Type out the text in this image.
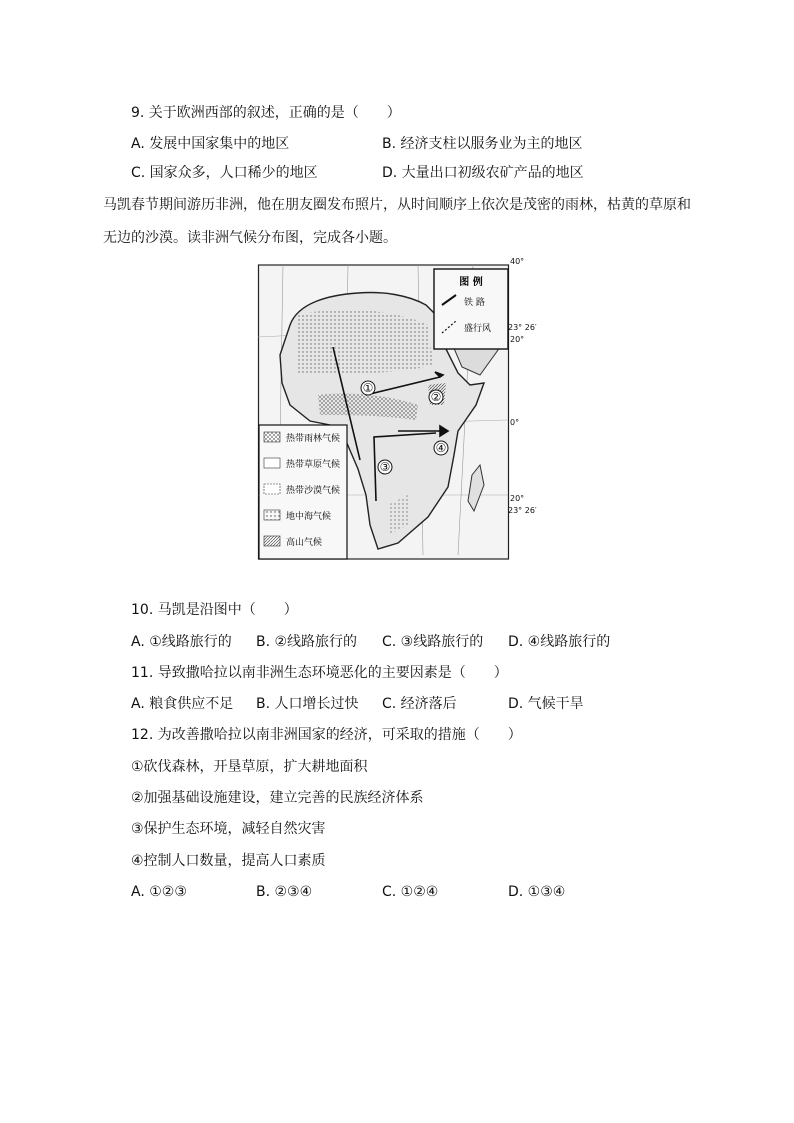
9. 关于欧洲西部的叙述，正确的是（　　）
A. 发展中国家集中的地区	B. 经济支柱以服务业为主的地区
C. 国家众多，人口稀少的地区	D. 大量出口初级农矿产品的地区
马凯春节期间游历非洲，他在朋友圈发布照片，从时间顺序上依次是茂密的雨林，枯黄的草原和
无边的沙漠。读非洲气候分布图，完成各小题。
①
②
③
④
图 例
铁 路
盛行风
40°
23° 26′
20°
0°
20°
23° 26′
热带雨林气候
热带草原气候
热带沙漠气候
地中海气候
高山气候
10. 马凯是沿图中（　　）
A. ①线路旅行的 B. ②线路旅行的 C. ③线路旅行的 D. ④线路旅行的
11. 导致撒哈拉以南非洲生态环境恶化的主要因素是（　　）
A. 粮食供应不足 B. 人口增长过快 C. 经济落后	D. 气候干旱
12. 为改善撒哈拉以南非洲国家的经济，可采取的措施（　　）
①砍伐森林，开垦草原，扩大耕地面积
②加强基础设施建设，建立完善的民族经济体系
③保护生态环境，减轻自然灾害
④控制人口数量，提高人口素质
A. ①②③	B. ②③④	C. ①②④	D. ①③④
